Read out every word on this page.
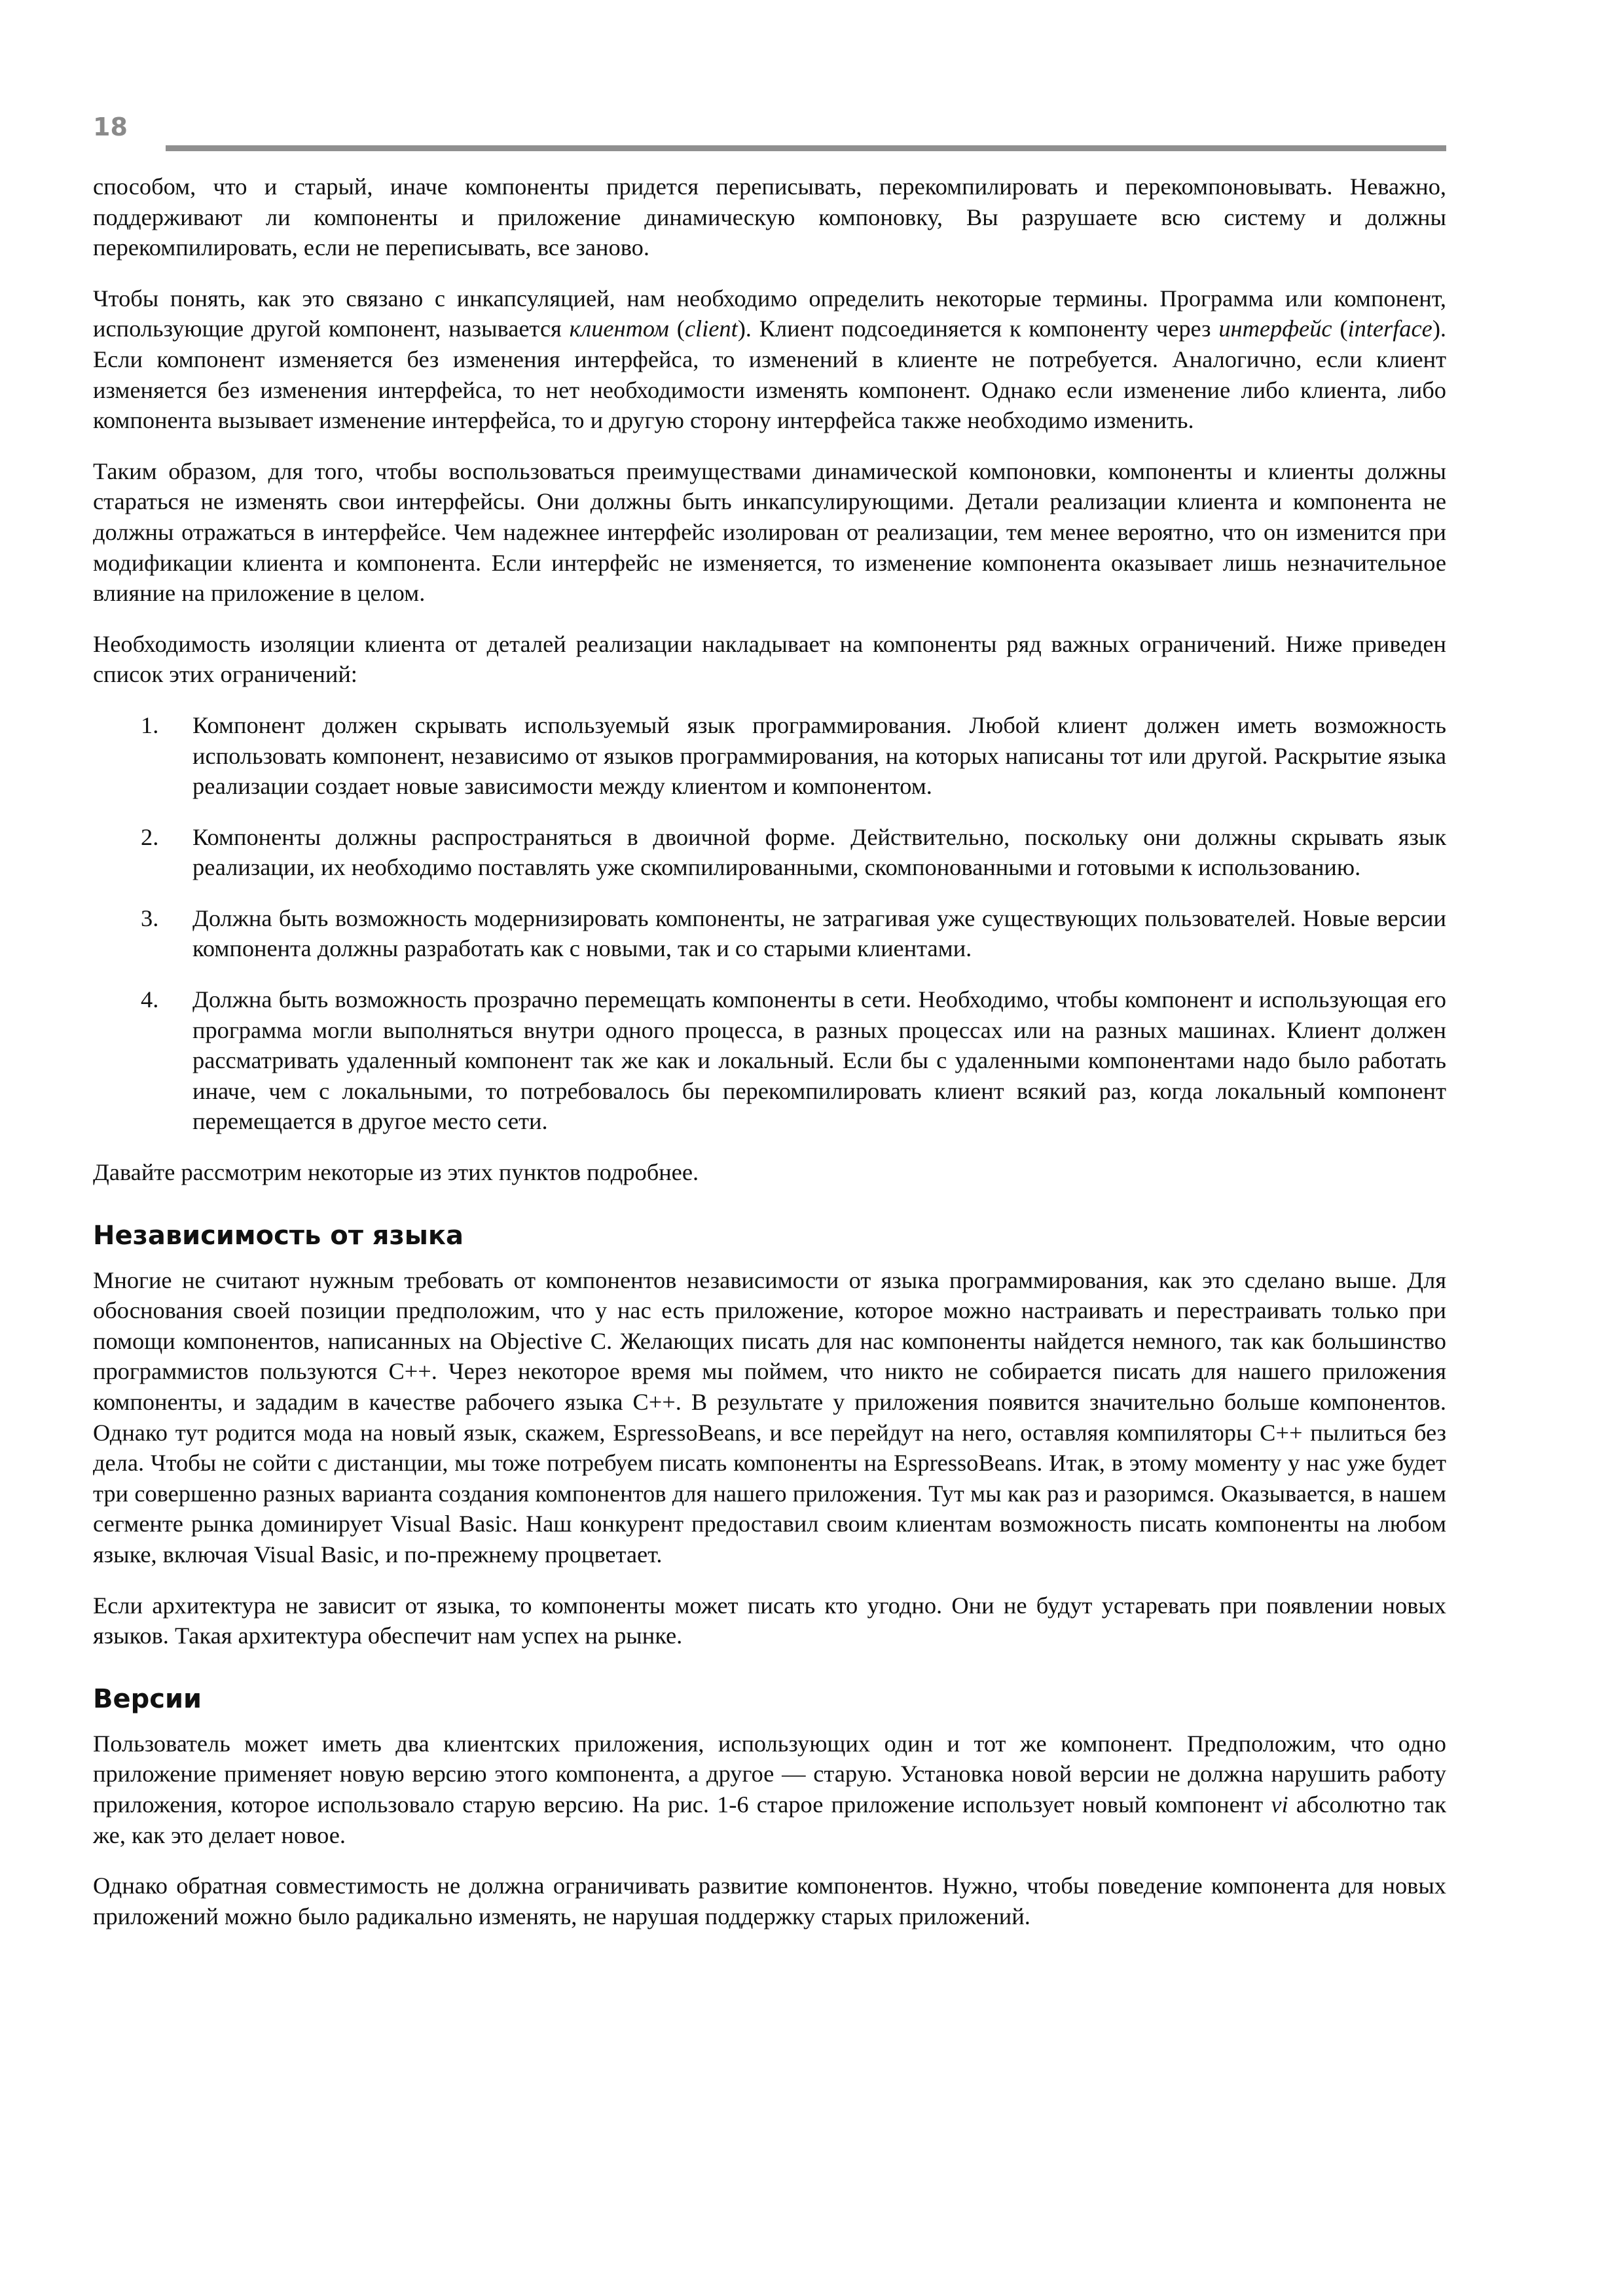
18

способом, что и старый, иначе компоненты придется переписывать, перекомпилировать и перекомпоновывать. Неважно, поддерживают ли компоненты и приложение динамическую компоновку, Вы разрушаете всю систему и должны перекомпилировать, если не переписывать, все заново.

Чтобы понять, как это связано с инкапсуляцией, нам необходимо определить некоторые термины. Программа или компонент, использующие другой компонент, называется клиентом (client). Клиент подсоединяется к компоненту через интерфейс (interface). Если компонент изменяется без изменения интерфейса, то изменений в клиенте не потребуется. Аналогично, если клиент изменяется без изменения интерфейса, то нет необходимости изменять компонент. Однако если изменение либо клиента, либо компонента вызывает изменение интерфейса, то и другую сторону интерфейса также необходимо изменить.

Таким образом, для того, чтобы воспользоваться преимуществами динамической компоновки, компоненты и клиенты должны стараться не изменять свои интерфейсы. Они должны быть инкапсулирующими. Детали реализации клиента и компонента не должны отражаться в интерфейсе. Чем надежнее интерфейс изолирован от реализации, тем менее вероятно, что он изменится при модификации клиента и компонента. Если интерфейс не изменяется, то изменение компонента оказывает лишь незначительное влияние на приложение в целом.

Необходимость изоляции клиента от деталей реализации накладывает на компоненты ряд важных ограничений. Ниже приведен список этих ограничений:

1. Компонент должен скрывать используемый язык программирования. Любой клиент должен иметь возможность использовать компонент, независимо от языков программирования, на которых написаны тот или другой. Раскрытие языка реализации создает новые зависимости между клиентом и компонентом.
2. Компоненты должны распространяться в двоичной форме. Действительно, поскольку они должны скрывать язык реализации, их необходимо поставлять уже скомпилированными, скомпонованными и готовыми к использованию.
3. Должна быть возможность модернизировать компоненты, не затрагивая уже существующих пользователей. Новые версии компонента должны разработать как с новыми, так и со старыми клиентами.
4. Должна быть возможность прозрачно перемещать компоненты в сети. Необходимо, чтобы компонент и использующая его программа могли выполняться внутри одного процесса, в разных процессах или на разных машинах. Клиент должен рассматривать удаленный компонент так же как и локальный. Если бы с удаленными компонентами надо было работать иначе, чем с локальными, то потребовалось бы перекомпилировать клиент всякий раз, когда локальный компонент перемещается в другое место сети.

Давайте рассмотрим некоторые из этих пунктов подробнее.

Независимость от языка

Многие не считают нужным требовать от компонентов независимости от языка программирования, как это сделано выше. Для обоснования своей позиции предположим, что у нас есть приложение, которое можно настраивать и перестраивать только при помощи компонентов, написанных на Objective C. Желающих писать для нас компоненты найдется немного, так как большинство программистов пользуются C++. Через некоторое время мы поймем, что никто не собирается писать для нашего приложения компоненты, и зададим в качестве рабочего языка C++. В результате у приложения появится значительно больше компонентов. Однако тут родится мода на новый язык, скажем, EspressoBeans, и все перейдут на него, оставляя компиляторы C++ пылиться без дела. Чтобы не сойти с дистанции, мы тоже потребуем писать компоненты на EspressoBeans. Итак, в этому моменту у нас уже будет три совершенно разных варианта создания компонентов для нашего приложения. Тут мы как раз и разоримся. Оказывается, в нашем сегменте рынка доминирует Visual Basic. Наш конкурент предоставил своим клиентам возможность писать компоненты на любом языке, включая Visual Basic, и по-прежнему процветает.

Если архитектура не зависит от языка, то компоненты может писать кто угодно. Они не будут устаревать при появлении новых языков. Такая архитектура обеспечит нам успех на рынке.

Версии

Пользователь может иметь два клиентских приложения, использующих один и тот же компонент. Предположим, что одно приложение применяет новую версию этого компонента, а другое — старую. Установка новой версии не должна нарушить работу приложения, которое использовало старую версию. На рис. 1-6 старое приложение использует новый компонент vi абсолютно так же, как это делает новое.

Однако обратная совместимость не должна ограничивать развитие компонентов. Нужно, чтобы поведение компонента для новых приложений можно было радикально изменять, не нарушая поддержку старых приложений.
